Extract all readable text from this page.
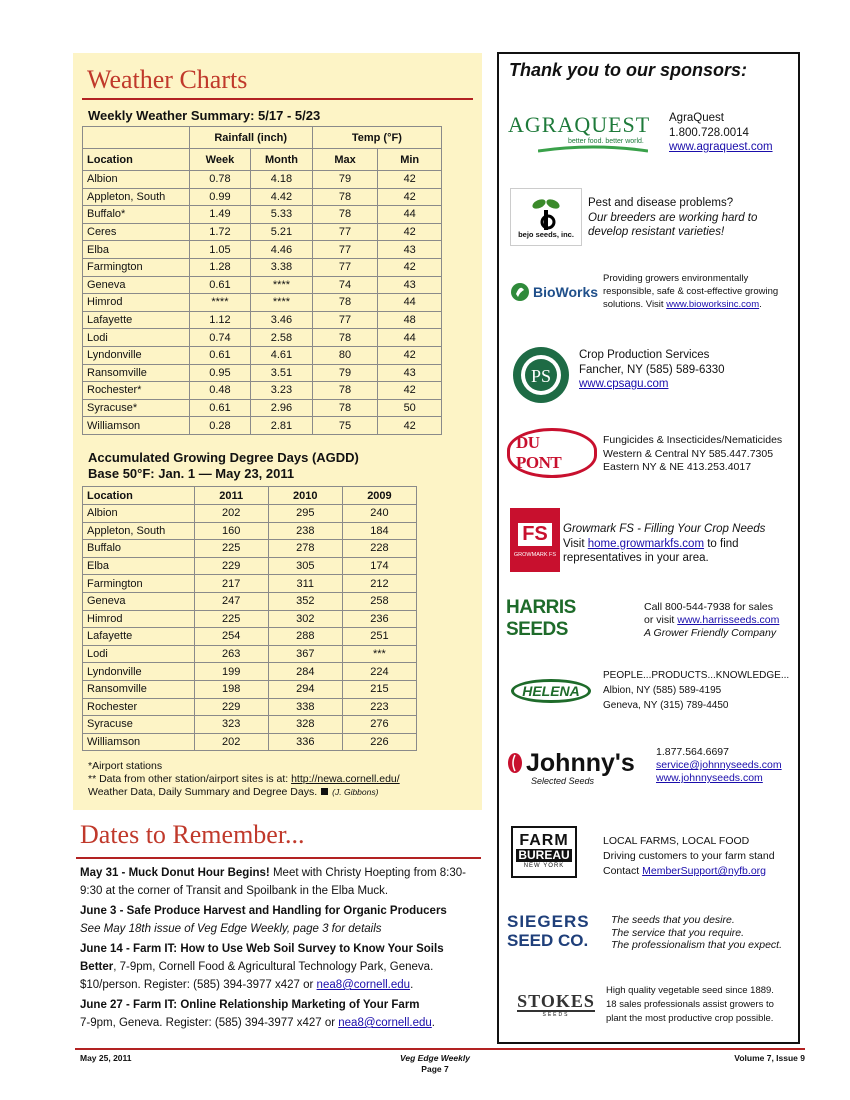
Weather Charts
Weekly Weather Summary: 5/17 - 5/23
	Rainfall (inch)		Temp (°F)	
Location	Week	Month	Max	Min
Albion	0.78	4.18	79	42
Appleton, South	0.99	4.42	78	42
Buffalo*	1.49	5.33	78	44
Ceres	1.72	5.21	77	42
Elba	1.05	4.46	77	43
Farmington	1.28	3.38	77	42
Geneva	0.61	****	74	43
Himrod	****	****	78	44
Lafayette	1.12	3.46	77	48
Lodi	0.74	2.58	78	44
Lyndonville	0.61	4.61	80	42
Ransomville	0.95	3.51	79	43
Rochester*	0.48	3.23	78	42
Syracuse*	0.61	2.96	78	50
Williamson	0.28	2.81	75	42
Accumulated Growing Degree Days (AGDD)
Base 50°F: Jan. 1 — May 23, 2011
Location	2011	2010	2009
Albion	202	295	240
Appleton, South	160	238	184
Buffalo	225	278	228
Elba	229	305	174
Farmington	217	311	212
Geneva	247	352	258
Himrod	225	302	236
Lafayette	254	288	251
Lodi	263	367	***
Lyndonville	199	284	224
Ransomville	198	294	215
Rochester	229	338	223
Syracuse	323	328	276
Williamson	202	336	226
*Airport stations
** Data from other station/airport sites is at: http://newa.cornell.edu/
Weather Data, Daily Summary and Degree Days. (J. Gibbons)
Dates to Remember...
May 31 - Muck Donut Hour Begins! Meet with Christy Hoepting from 8:30-9:30 at the corner of Transit and Spoilbank in the Elba Muck.
June 3 - Safe Produce Harvest and Handling for Organic Producers
See May 18th issue of Veg Edge Weekly, page 3 for details
June 14 - Farm IT: How to Use Web Soil Survey to Know Your Soils Better, 7-9pm, Cornell Food & Agricultural Technology Park, Geneva. $10/person. Register: (585) 394-3977 x427 or nea8@cornell.edu.
June 27 - Farm IT: Online Relationship Marketing of Your Farm
7-9pm, Geneva. Register: (585) 394-3977 x427 or nea8@cornell.edu.
Thank you to our sponsors:
AGRAQUEST
better food. better world.
AgraQuest
1.800.728.0014
www.agraquest.com
bejo seeds, inc.
Pest and disease problems?
Our breeders are working hard to
develop resistant varieties!
BioWorks
Providing growers environmentally
responsible, safe & cost-effective growing
solutions. Visit www.bioworksinc.com.
PS
Crop Production Services
Fancher, NY (585) 589-6330
www.cpsagu.com
DU PONT
Fungicides & Insecticides/Nematicides
Western & Central NY 585.447.7305
Eastern NY & NE 413.253.4017
FS
GROWMARK FS
Growmark FS - Filling Your Crop Needs
Visit home.growmarkfs.com to find
representatives in your area.
HARRIS SEEDS
Call 800-544-7938 for sales
or visit www.harrisseeds.com
A Grower Friendly Company
HELENA
PEOPLE...PRODUCTS...KNOWLEDGE...
Albion, NY (585) 589-4195
Geneva, NY (315) 789-4450
Johnny's
Selected Seeds
1.877.564.6697
service@johnnyseeds.com
www.johnnyseeds.com
FARM
BUREAU
NEW YORK
LOCAL FARMS, LOCAL FOOD
Driving customers to your farm stand
Contact MemberSupport@nyfb.org
SIEGERS
SEED CO.
The seeds that you desire.
The service that you require.
The professionalism that you expect.
STOKES
SEEDS
High quality vegetable seed since 1889.
18 sales professionals assist growers to
plant the most productive crop possible.
May 25, 2011	Veg Edge Weekly
Page 7
Volume 7, Issue 9
